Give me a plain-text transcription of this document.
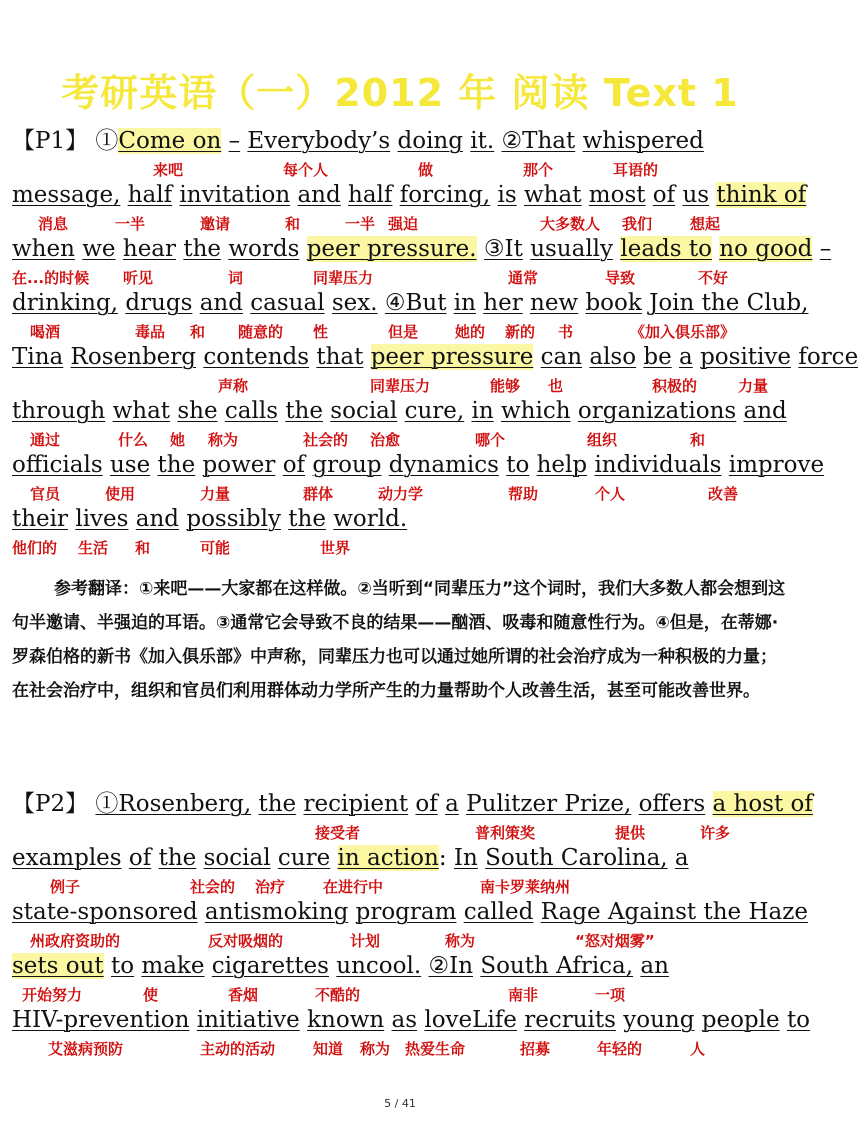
考研英语（一）2012 年 阅读 Text 1
【P1】 ①Come on – Everybody’s doing it. ②That whispered
来吧	每个人	做	那个	耳语的
message, half invitation and half forcing, is what most of us think of
消息	一半	邀请	和	一半 强迫	大多数人 我们	想起
when we hear the words peer pressure. ③It usually leads to no good –
在...的时候 听见	词	同辈压力	通常	导致	不好
drinking, drugs and casual sex. ④But in her new book Join the Club,
喝酒	毒品 和 随意的 性	但是 她的 新的 书	《加入俱乐部》
Tina Rosenberg contends that peer pressure can also be a positive force
声称	同辈压力	能够 也	积极的	力量
through what she calls the social cure, in which organizations and
通过	什么 她 称为	社会的 治愈	哪个	组织	和
officials use the power of group dynamics to help individuals improve
官员	使用	力量	群体	动力学	帮助	个人	改善
their lives and possibly the world.
他们的 生活 和	可能	世界

参考翻译：①来吧——大家都在这样做。②当听到“同辈压力”这个词时，我们大多数人都会想到这句半邀请、半强迫的耳语。③通常它会导致不良的结果——酗酒、吸毒和随意性行为。④但是，在蒂娜·罗森伯格的新书《加入俱乐部》中声称，同辈压力也可以通过她所谓的社会治疗成为一种积极的力量；在社会治疗中，组织和官员们利用群体动力学所产生的力量帮助个人改善生活，甚至可能改善世界。

【P2】 ①Rosenberg, the recipient of a Pulitzer Prize, offers a host of
接受者	普利策奖	提供	许多
examples of the social cure in action: In South Carolina, a
例子	社会的 治疗	在进行中	南卡罗莱纳州
state-sponsored antismoking program called Rage Against the Haze
州政府资助的	反对吸烟的	计划	称为	“怒对烟雾”
sets out to make cigarettes uncool. ②In South Africa, an
开始努力	使	香烟	不酷的	南非	一项
HIV-prevention initiative known as loveLife recruits young people to
艾滋病预防	主动的活动	知道 称为 热爱生命	招募	年轻的	人
5 / 41
